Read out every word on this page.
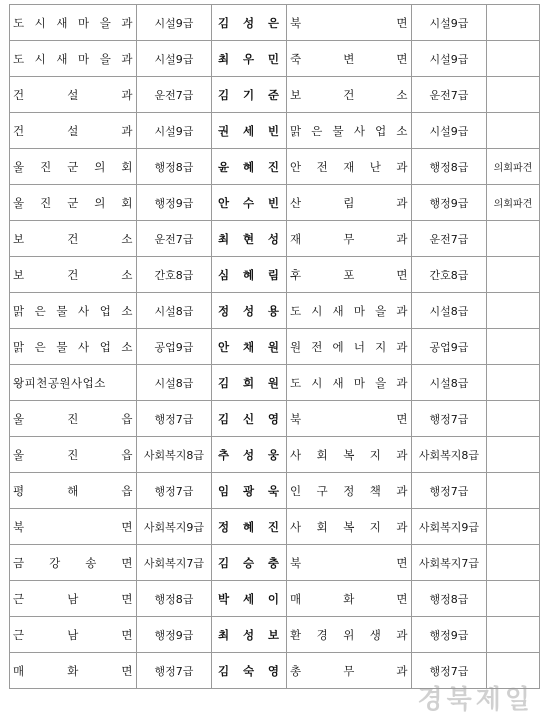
도 시 새 마 을 과	시설9급	김 성 은	북 면	시설9급	
도 시 새 마 을 과	시설9급	최 우 민	죽 변 면	시설9급	
건 설 과	운전7급	김 기 준	보 건 소	운전7급	
건 설 과	시설9급	권 세 빈	맑 은 물 사 업 소	시설9급	
울 진 군 의 회	행정8급	윤 혜 진	안 전 재 난 과	행정8급	의회파견
울 진 군 의 회	행정9급	안 수 빈	산 림 과	행정9급	의회파견
보 건 소	운전7급	최 현 성	재 무 과	운전7급	
보 건 소	간호8급	심 혜 림	후 포 면	간호8급	
맑 은 물 사 업 소	시설8급	정 성 용	도 시 새 마 을 과	시설8급	
맑 은 물 사 업 소	공업9급	안 채 원	원 전 에 너 지 과	공업9급	
왕피천공원사업소	시설8급	김 희 원	도 시 새 마 을 과	시설8급	
울 진 읍	행정7급	김 신 영	북 면	행정7급	
울 진 읍	사회복지8급	추 성 웅	사 회 복 지 과	사회복지8급	
평 해 읍	행정7급	임 광 욱	인 구 정 책 과	행정7급	
북 면	사회복지9급	정 혜 진	사 회 복 지 과	사회복지9급	
금 강 송 면	사회복지7급	김 승 충	북 면	사회복지7급	
근 남 면	행정8급	박 세 이	매 화 면	행정8급	
근 남 면	행정9급	최 성 보	환 경 위 생 과	행정9급	
매 화 면	행정7급	김 숙 영	총 무 과	행정7급	
경북제일
